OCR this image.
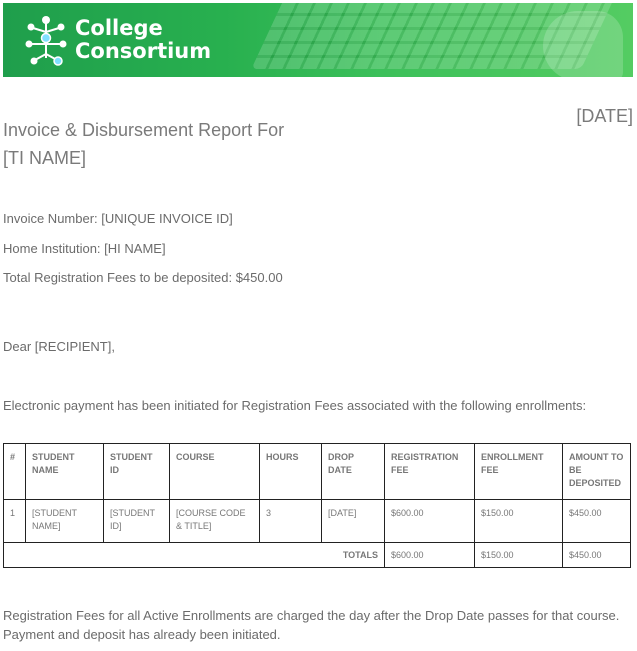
College
Consortium
[DATE]
Invoice & Disbursement Report For
[TI NAME]
Invoice Number: [UNIQUE INVOICE ID]
Home Institution: [HI NAME]
Total Registration Fees to be deposited: $450.00
Dear [RECIPIENT],
Electronic payment has been initiated for Registration Fees associated with the following enrollments:
#	STUDENT NAME	STUDENT ID	COURSE	HOURS	DROP DATE	REGISTRATION FEE	ENROLLMENT FEE	AMOUNT TO BE DEPOSITED
1	[STUDENT NAME]	[STUDENT ID]	[COURSE CODE & TITLE]	3	[DATE]	$600.00	$150.00	$450.00
TOTALS						$600.00	$150.00	$450.00
Registration Fees for all Active Enrollments are charged the day after the Drop Date passes for that course.
Payment and deposit has already been initiated.
